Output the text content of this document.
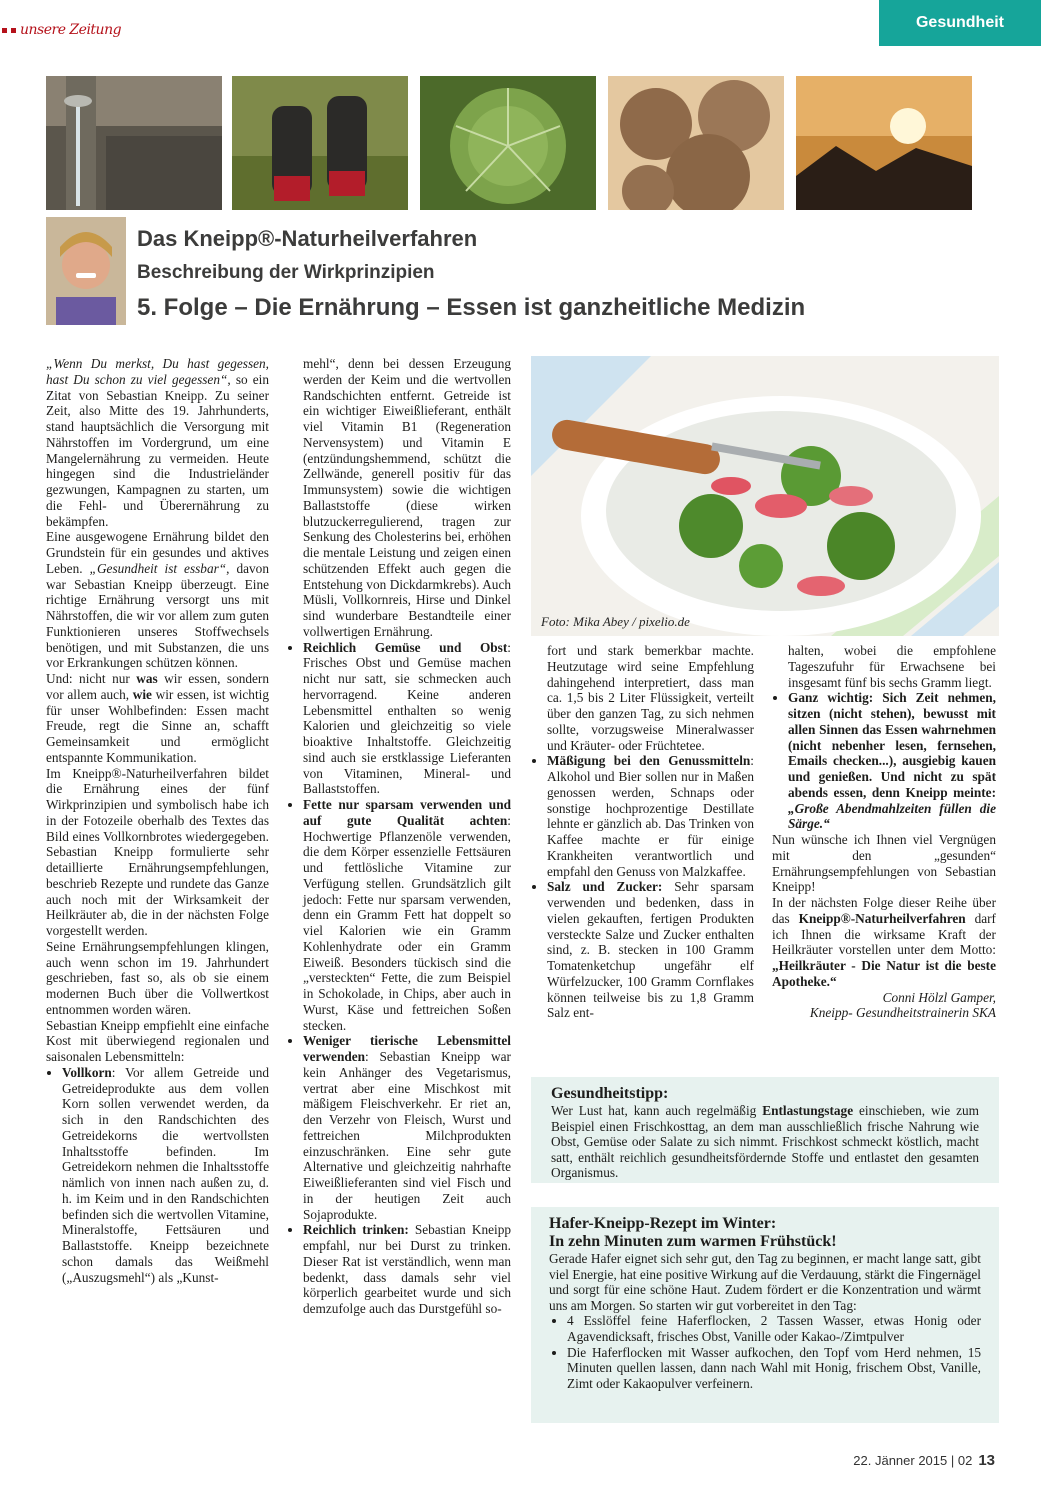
unsere Zeitung	Gesundheit
Das Kneipp®-Naturheilverfahren
Beschreibung der Wirkprinzipien
5. Folge – Die Ernährung – Essen ist ganzheitliche Medizin

„Wenn Du merkst, Du hast gegessen, hast Du schon zu viel gegessen“, so ein Zitat von Sebastian Kneipp. Zu seiner Zeit, also Mitte des 19. Jahrhunderts, stand hauptsächlich die Versorgung mit Nährstoffen im Vordergrund, um eine Mangelernährung zu vermeiden. Heute hingegen sind die Industrieländer gezwungen, Kampagnen zu starten, um die Fehl- und Überernährung zu bekämpfen.

Eine ausgewogene Ernährung bildet den Grundstein für ein gesundes und aktives Leben. „Gesundheit ist essbar“, davon war Sebastian Kneipp überzeugt. Eine richtige Ernährung versorgt uns mit Nährstoffen, die wir vor allem zum guten Funktionieren unseres Stoffwechsels benötigen, und mit Substanzen, die uns vor Erkrankungen schützen können.

Und: nicht nur was wir essen, sondern vor allem auch, wie wir essen, ist wichtig für unser Wohlbefinden: Essen macht Freude, regt die Sinne an, schafft Gemeinsamkeit und ermöglicht entspannte Kommunikation.

Im Kneipp®-Naturheilverfahren bildet die Ernährung eines der fünf Wirkprinzipien und symbolisch habe ich in der Fotozeile oberhalb des Textes das Bild eines Vollkornbrotes wiedergegeben. Sebastian Kneipp formulierte sehr detaillierte Ernährungsempfehlungen, beschrieb Rezepte und rundete das Ganze auch noch mit der Wirksamkeit der Heilkräuter ab, die in der nächsten Folge vorgestellt werden.

Seine Ernährungsempfehlungen klingen, auch wenn schon im 19. Jahrhundert geschrieben, fast so, als ob sie einem modernen Buch über die Vollwertkost entnommen worden wären.

Sebastian Kneipp empfiehlt eine einfache Kost mit überwiegend regionalen und saisonalen Lebensmitteln:

• Vollkorn: Vor allem Getreide und Getreideprodukte aus dem vollen Korn sollen verwendet werden, da sich in den Randschichten des Getreidekorns die wertvollsten Inhaltsstoffe befinden. Im Getreidekorn nehmen die Inhaltsstoffe nämlich von innen nach außen zu, d. h. im Keim und in den Randschichten befinden sich die wertvollen Vitamine, Mineralstoffe, Fettsäuren und Ballaststoffe. Kneipp bezeichnete schon damals das Weißmehl („Auszugsmehl“) als „Kunst-

mehl“, denn bei dessen Erzeugung werden der Keim und die wertvollen Randschichten entfernt. Getreide ist ein wichtiger Eiweißlieferant, enthält viel Vitamin B1 (Regeneration Nervensystem) und Vitamin E (entzündungshemmend, schützt die Zellwände, generell positiv für das Immunsystem) sowie die wichtigen Ballaststoffe (diese wirken blutzuckerregulierend, tragen zur Senkung des Cholesterins bei, erhöhen die mentale Leistung und zeigen einen schützenden Effekt auch gegen die Entstehung von Dickdarmkrebs). Auch Müsli, Vollkornreis, Hirse und Dinkel sind wunderbare Bestandteile einer vollwertigen Ernährung.

• Reichlich Gemüse und Obst: Frisches Obst und Gemüse machen nicht nur satt, sie schmecken auch hervorragend. Keine anderen Lebensmittel enthalten so wenig Kalorien und gleichzeitig so viele bioaktive Inhaltstoffe. Gleichzeitig sind auch sie erstklassige Lieferanten von Vitaminen, Mineral- und Ballaststoffen.
• Fette nur sparsam verwenden und auf gute Qualität achten: Hochwertige Pflanzenöle verwenden, die dem Körper essenzielle Fettsäuren und fettlösliche Vitamine zur Verfügung stellen. Grundsätzlich gilt jedoch: Fette nur sparsam verwenden, denn ein Gramm Fett hat doppelt so viel Kalorien wie ein Gramm Kohlenhydrate oder ein Gramm Eiweiß. Besonders tückisch sind die „versteckten“ Fette, die zum Beispiel in Schokolade, in Chips, aber auch in Wurst, Käse und fettreichen Soßen stecken.
• Weniger tierische Lebensmittel verwenden: Sebastian Kneipp war kein Anhänger des Vegetarismus, vertrat aber eine Mischkost mit mäßigem Fleischverkehr. Er riet an, den Verzehr von Fleisch, Wurst und fettreichen Milchprodukten einzuschränken. Eine sehr gute Alternative und gleichzeitig nahrhafte Eiweißlieferanten sind viel Fisch und in der heutigen Zeit auch Sojaprodukte.
• Reichlich trinken: Sebastian Kneipp empfahl, nur bei Durst zu trinken. Dieser Rat ist verständlich, wenn man bedenkt, dass damals sehr viel körperlich gearbeitet wurde und sich demzufolge auch das Durstgefühl so-
Foto: Mika Abey / pixelio.de

fort und stark bemerkbar machte. Heutzutage wird seine Empfehlung dahingehend interpretiert, dass man ca. 1,5 bis 2 Liter Flüssigkeit, verteilt über den ganzen Tag, zu sich nehmen sollte, vorzugsweise Mineralwasser und Kräuter- oder Früchtetee.

• Mäßigung bei den Genussmitteln: Alkohol und Bier sollen nur in Maßen genossen werden, Schnaps oder sonstige hochprozentige Destillate lehnte er gänzlich ab. Das Trinken von Kaffee machte er für einige Krankheiten verantwortlich und empfahl den Genuss von Malzkaffee.
• Salz und Zucker: Sehr sparsam verwenden und bedenken, dass in vielen gekauften, fertigen Produkten versteckte Salze und Zucker enthalten sind, z. B. stecken in 100 Gramm Tomatenketchup ungefähr elf Würfelzucker, 100 Gramm Cornflakes können teilweise bis zu 1,8 Gramm Salz ent-

halten, wobei die empfohlene Tageszufuhr für Erwachsene bei insgesamt fünf bis sechs Gramm liegt.

• Ganz wichtig: Sich Zeit nehmen, sitzen (nicht stehen), bewusst mit allen Sinnen das Essen wahrnehmen (nicht nebenher lesen, fernsehen, Emails checken...), ausgiebig kauen und genießen. Und nicht zu spät abends essen, denn Kneipp meinte: „Große Abendmahlzeiten füllen die Särge.“

Nun wünsche ich Ihnen viel Vergnügen mit den „gesunden“ Ernährungsempfehlungen von Sebastian Kneipp!

In der nächsten Folge dieser Reihe über das Kneipp®-Naturheilverfahren darf ich Ihnen die wirksame Kraft der Heilkräuter vorstellen unter dem Motto: „Heilkräuter - Die Natur ist die beste Apotheke.“

Conni Hölzl Gamper,

Kneipp- Gesundheitstrainerin SKA

Gesundheitstipp:
Wer Lust hat, kann auch regelmäßig Entlastungstage einschieben, wie zum Beispiel einen Frischkosttag, an dem man ausschließlich frische Nahrung wie Obst, Gemüse oder Salate zu sich nimmt. Frischkost schmeckt köstlich, macht satt, enthält reichlich gesundheitsfördernde Stoffe und entlastet den gesamten Organismus.
Hafer-Kneipp-Rezept im Winter:
In zehn Minuten zum warmen Frühstück!
Gerade Hafer eignet sich sehr gut, den Tag zu beginnen, er macht lange satt, gibt viel Energie, hat eine positive Wirkung auf die Verdauung, stärkt die Fingernägel und sorgt für eine schöne Haut. Zudem fördert er die Konzentration und wärmt uns am Morgen. So starten wir gut vorbereitet in den Tag:
• 4 Esslöffel feine Haferflocken, 2 Tassen Wasser, etwas Honig oder Agavendicksaft, frisches Obst, Vanille oder Kakao-/Zimtpulver
• Die Haferflocken mit Wasser aufkochen, den Topf vom Herd nehmen, 15 Minuten quellen lassen, dann nach Wahl mit Honig, frischem Obst, Vanille, Zimt oder Kakaopulver verfeinern.
22. Jänner 2015 | 02 13
